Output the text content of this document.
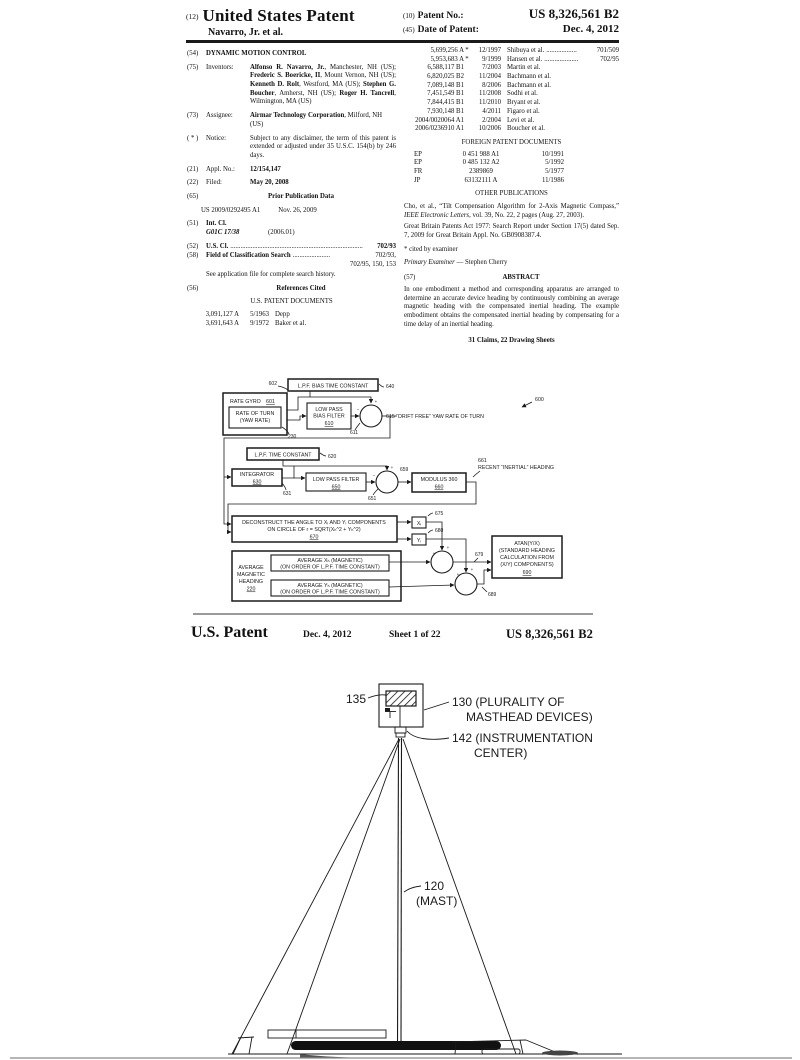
(12) United States Patent
Navarro, Jr. et al.
(10) Patent No.:	US 8,326,561 B2
(45) Date of Patent:	Dec. 4, 2012
(54)	DYNAMIC MOTION CONTROL
(75)	Inventors:	Alfonso R. Navarro, Jr., Manchester, NH (US); Frederic S. Boericke, II, Mount Vernon, NH (US); Kenneth D. Rolt, Westford, MA (US); Stephen G. Boucher, Amherst, NH (US); Roger H. Tancrell, Wilmington, MA (US)
(73)	Assignee:	Airmar Technology Corporation, Milford, NH (US)
( * )	Notice:	Subject to any disclaimer, the term of this patent is extended or adjusted under 35 U.S.C. 154(b) by 246 days.
(21)	Appl. No.:	12/154,147
(22)	Filed:	May 20, 2008
(65)	Prior Publication Data
US 2009/0292495 A1	Nov. 26, 2009
(51)	Int. Cl.
G01C 17/38	(2006.01)
(52)	U.S. Cl. ..............................................................................	702/93
(58)	Field of Classification Search ......................	702/93,
702/95, 150, 153
See application file for complete search history.
(56)	References Cited
U.S. PATENT DOCUMENTS
3,091,127 A	5/1963 Depp
3,691,643 A	9/1972 Baker et al.
5,699,256 A *	12/1997 Shibuya et al. ..................	701/509
5,953,683 A *	9/1999 Hansen et al. ....................	702/95
6,588,117 B1	7/2003 Martin et al.
6,820,025 B2	11/2004 Bachmann et al.
7,089,148 B1	8/2006 Bachmann et al.
7,451,549 B1	11/2008 Sodhi et al.
7,844,415 B1	11/2010 Bryant et al.
7,930,148 B1	4/2011 Figaro et al.
2004/0020064 A1	2/2004 Levi et al.
2006/0236910 A1	10/2006 Boucher et al.
FOREIGN PATENT DOCUMENTS
EP	0 451 988 A1	10/1991
EP	0 485 132 A2	5/1992
FR	2389869	5/1977
JP	63132111 A	11/1986
OTHER PUBLICATIONS
Cho, et al., “Tilt Compensation Algorithm for 2-Axis Magnetic Compass,” IEEE Electronic Letters, vol. 39, No. 22, 2 pages (Aug. 27, 2003).
Great Britain Patents Act 1977: Search Report under Section 17(5) dated Sep. 7, 2009 for Great Britain Appl. No. GB0908387.4.
* cited by examiner
Primary Examiner — Stephen Cherry
(57)	ABSTRACT
In one embodiment a method and corresponding apparatus are arranged to determine an accurate device heading by continuously combining an average magnetic heading with the compensated inertial heading. The example embodiment obtains the compensated inertial heading by compensating for a time delay of an inertial heading.
31 Claims, 22 Drawing Sheets
L.P.F. BIAS TIME CONSTANT
602	640
RATE GYRO 601
RATE OF TURN
(YAW RATE)
230
LOW PASS
BIAS FILTER
610
+
−
611
615 “DRIFT FREE” YAW RATE OF TURN
600
L.P.F. TIME CONSTANT	620
INTEGRATOR
630
631
LOW PASS FILTER
650
+
−
651
659
MODULUS 360
660
661
RECENT “INERTIAL” HEADING
DECONSTRUCT THE ANGLE TO Xᵢ AND Yᵢ COMPONENTS
ON CIRCLE OF r = SQRT(Xₕ^2 + Yₕ^2)
670
Xᵢ
675
Yᵢ
680
AVERAGE
MAGNETIC
HEADING
220
AVERAGE Xₕ (MAGNETIC)
(ON ORDER OF L.P.F. TIME CONSTANT)
AVERAGE Yₕ (MAGNETIC)
(ON ORDER OF L.P.F. TIME CONSTANT)
+
+
+
+
679
689
ATAN(Y/X)
(STANDARD HEADING
CALCULATION FROM
(X/Y) COMPONENTS)
690
U.S. Patent	Dec. 4, 2012	Sheet 1 of 22	US 8,326,561 B2
135	130 (PLURALITY OF
MASTHEAD DEVICES)
142 (INSTRUMENTATION
CENTER)
120
(MAST)
